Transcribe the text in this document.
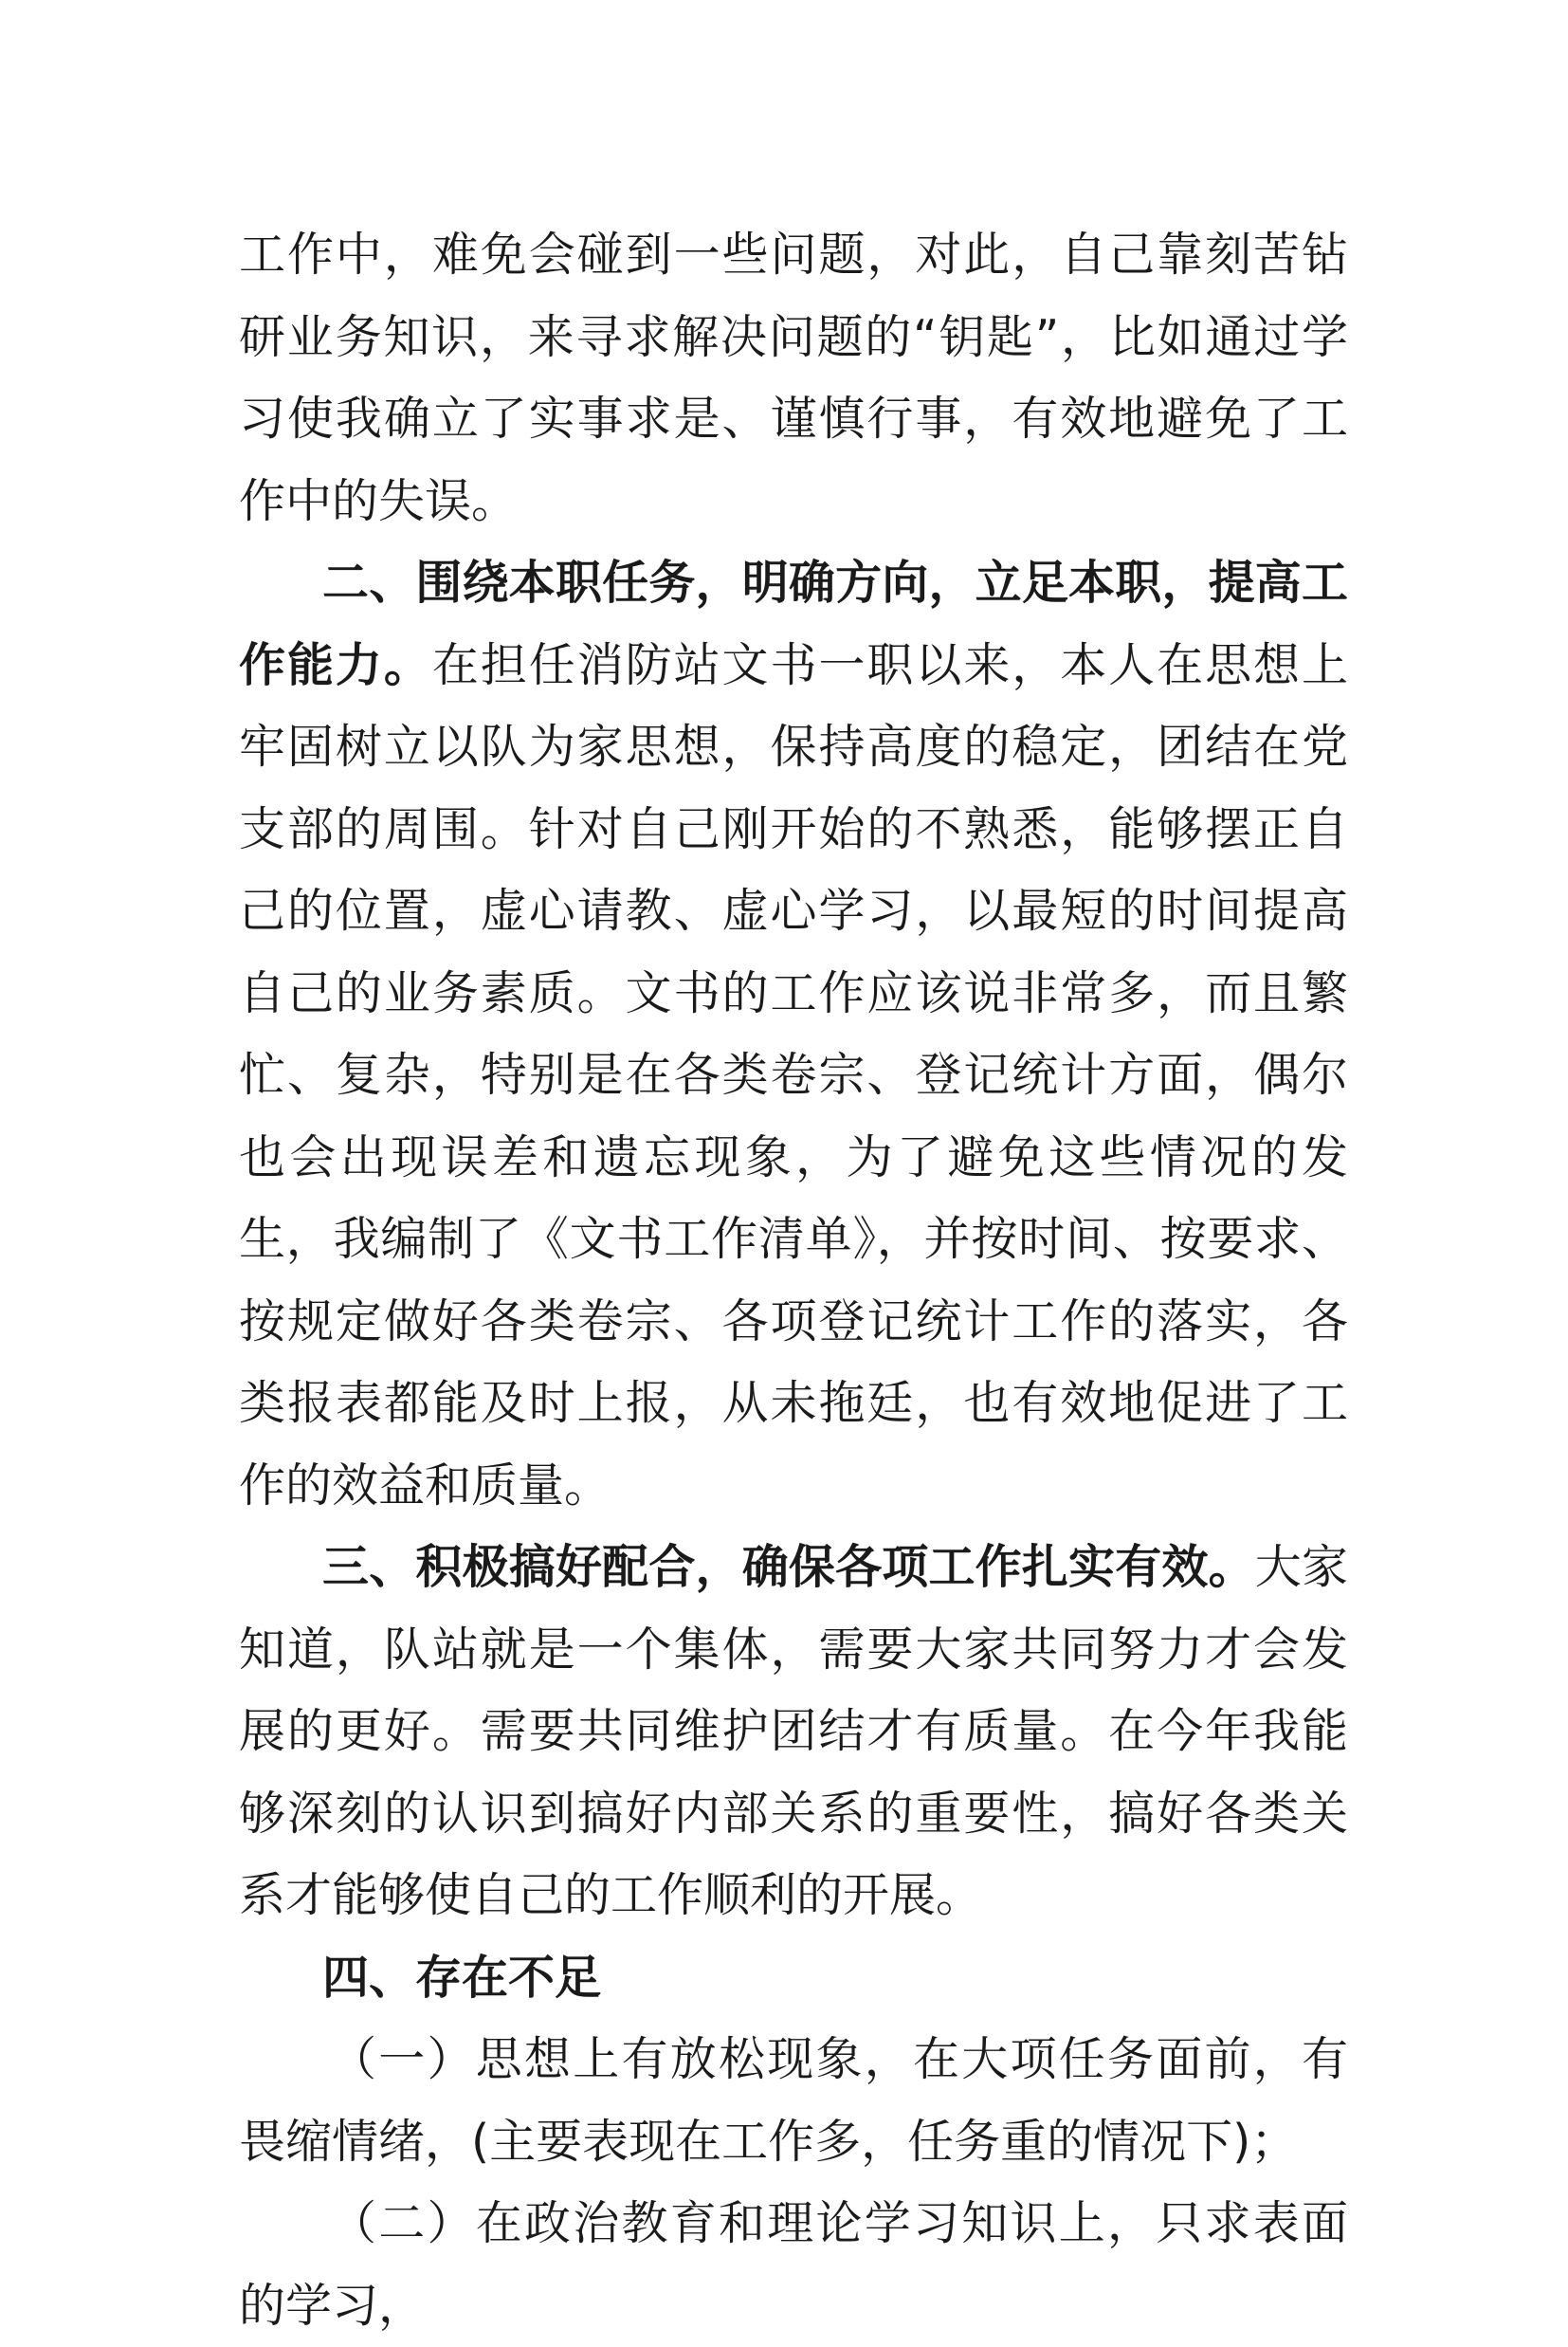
工作中，难免会碰到一些问题，对此，自己靠刻苦钻研业务知识，来寻求解决问题的“钥匙”，比如通过学习使我确立了实事求是、谨慎行事，有效地避免了工作中的失误。

二、围绕本职任务，明确方向，立足本职，提高工作能力。在担任消防站文书一职以来，本人在思想上牢固树立以队为家思想，保持高度的稳定，团结在党支部的周围。针对自己刚开始的不熟悉，能够摆正自己的位置，虚心请教、虚心学习，以最短的时间提高自己的业务素质。文书的工作应该说非常多，而且繁忙、复杂，特别是在各类卷宗、登记统计方面，偶尔也会出现误差和遗忘现象，为了避免这些情况的发生，我编制了《文书工作清单》，并按时间、按要求、按规定做好各类卷宗、各项登记统计工作的落实，各类报表都能及时上报，从未拖廷，也有效地促进了工作的效益和质量。

三、积极搞好配合，确保各项工作扎实有效。大家知道，队站就是一个集体，需要大家共同努力才会发展的更好。需要共同维护团结才有质量。在今年我能够深刻的认识到搞好内部关系的重要性，搞好各类关系才能够使自己的工作顺利的开展。

四、存在不足

（一）思想上有放松现象，在大项任务面前，有畏缩情绪，(主要表现在工作多，任务重的情况下)；

（二）在政治教育和理论学习知识上，只求表面的学习，
